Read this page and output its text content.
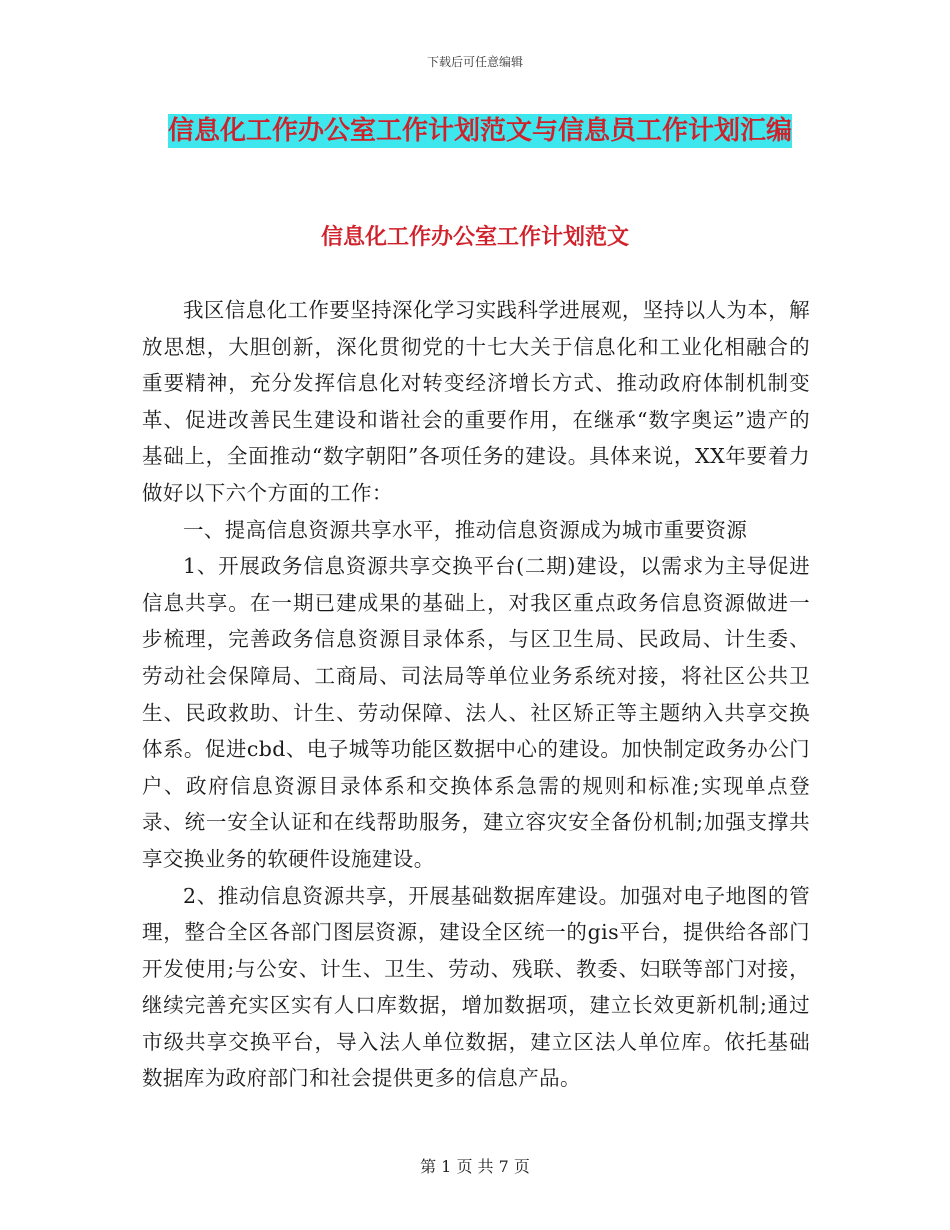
下载后可任意编辑
信息化工作办公室工作计划范文与信息员工作计划汇编
信息化工作办公室工作计划范文

我区信息化工作要坚持深化学习实践科学进展观，坚持以人为本，解放思想，大胆创新，深化贯彻党的十七大关于信息化和工业化相融合的重要精神，充分发挥信息化对转变经济增长方式、推动政府体制机制变革、促进改善民生建设和谐社会的重要作用，在继承“数字奥运”遗产的基础上，全面推动“数字朝阳”各项任务的建设。具体来说，XX年要着力做好以下六个方面的工作：

一、提高信息资源共享水平，推动信息资源成为城市重要资源

1、开展政务信息资源共享交换平台(二期)建设，以需求为主导促进信息共享。在一期已建成果的基础上，对我区重点政务信息资源做进一步梳理，完善政务信息资源目录体系，与区卫生局、民政局、计生委、劳动社会保障局、工商局、司法局等单位业务系统对接，将社区公共卫生、民政救助、计生、劳动保障、法人、社区矫正等主题纳入共享交换体系。促进cbd、电子城等功能区数据中心的建设。加快制定政务办公门户、政府信息资源目录体系和交换体系急需的规则和标准;实现单点登录、统一安全认证和在线帮助服务，建立容灾安全备份机制;加强支撑共享交换业务的软硬件设施建设。

2、推动信息资源共享，开展基础数据库建设。加强对电子地图的管理，整合全区各部门图层资源，建设全区统一的gis平台，提供给各部门开发使用;与公安、计生、卫生、劳动、残联、教委、妇联等部门对接，继续完善充实区实有人口库数据，增加数据项，建立长效更新机制;通过市级共享交换平台，导入法人单位数据，建立区法人单位库。依托基础数据库为政府部门和社会提供更多的信息产品。

第 1 页 共 7 页
